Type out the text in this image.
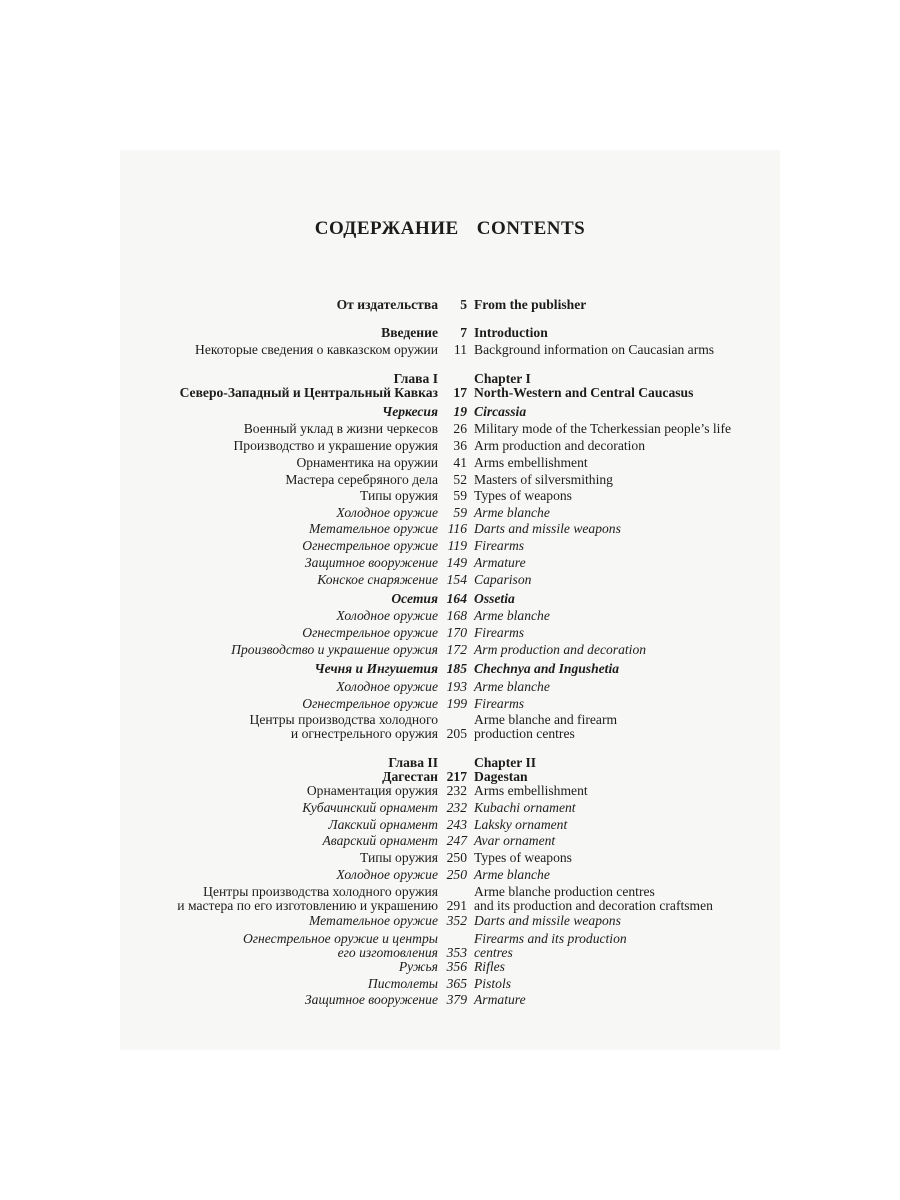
СОДЕРЖАНИЕ CONTENTS
От издательства	5 From the publisher
Введение	7 Introduction
Некоторые сведения о кавказском оружии	11 Background information on Caucasian arms
Глава I	Chapter I
Северо-Западный и Центральный Кавказ	17 North-Western and Central Caucasus
Черкесия	19 Circassia
Военный уклад в жизни черкесов	26 Military mode of the Tcherkessian people’s life
Производство и украшение оружия	36 Arm production and decoration
Орнаментика на оружии	41 Arms embellishment
Мастера серебряного дела	52 Masters of silversmithing
Типы оружия	59 Types of weapons
Холодное оружие	59 Arme blanche
Метательное оружие 116 Darts and missile weapons
Огнестрельное оружие 119 Firearms
Защитное вооружение 149 Armature
Конское снаряжение 154 Caparison
Осетия 164 Ossetia
Холодное оружие 168 Arme blanche
Огнестрельное оружие 170 Firearms
Производство и украшение оружия 172 Arm production and decoration
Чечня и Ингушетия 185 Chechnya and Ingushetia
Холодное оружие 193 Arme blanche
Огнестрельное оружие 199 Firearms
Центры производства холодного	Arme blanche and firearm
и огнестрельного оружия 205 production centres
Глава II	Chapter II
Дагестан 217 Dagestan
Орнаментация оружия 232 Arms embellishment
Кубачинский орнамент 232 Kubachi ornament
Лакский орнамент 243 Laksky ornament
Аварский орнамент 247 Avar ornament
Типы оружия 250 Types of weapons
Холодное оружие 250 Arme blanche
Центры производства холодного оружия	Arme blanche production centres
и мастера по его изготовлению и украшению 291 and its production and decoration craftsmen
Метательное оружие 352 Darts and missile weapons
Огнестрельное оружие и центры	Firearms and its production
его изготовления 353 centres
Ружья 356 Rifles
Пистолеты 365 Pistols
Защитное вооружение 379 Armature
